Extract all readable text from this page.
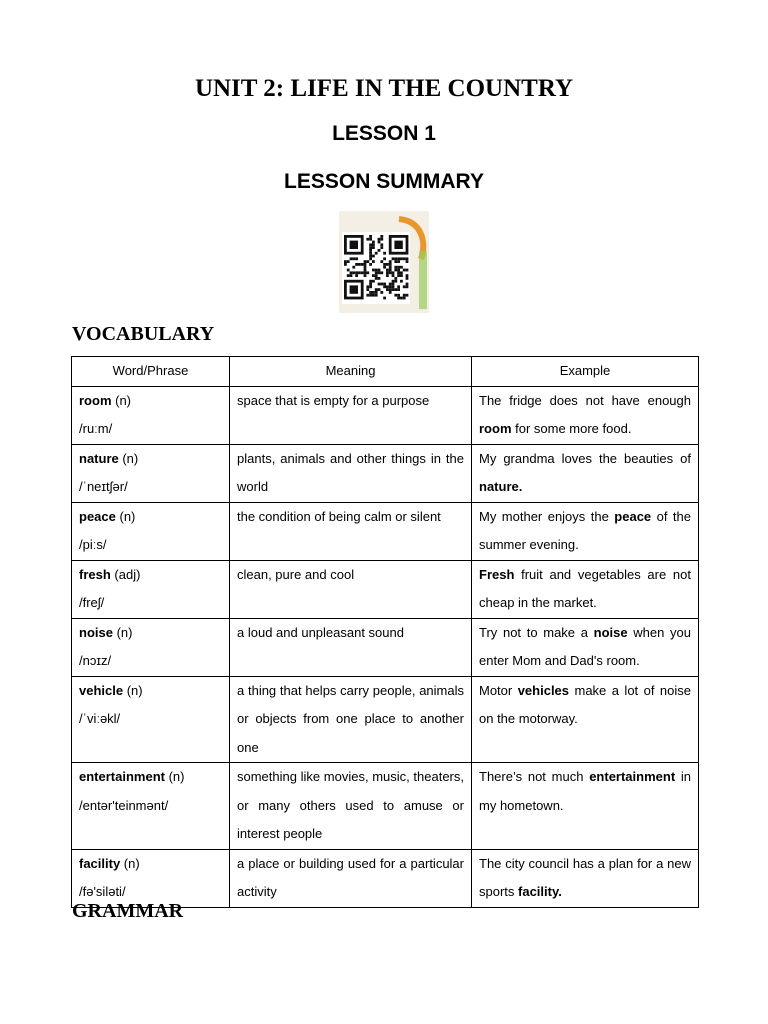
UNIT 2: LIFE IN THE COUNTRY
LESSON 1
LESSON SUMMARY
VOCABULARY
Word/Phrase	Meaning	Example
room (n)
/ruːm/	space that is empty for a purpose	The fridge does not have enough room for some more food.
nature (n)
/ˈneɪtʃər/	plants, animals and other things in the world	My grandma loves the beauties of nature.
peace (n)
/piːs/	the condition of being calm or silent	My mother enjoys the peace of the summer evening.
fresh (adj)
/freʃ/	clean, pure and cool	Fresh fruit and vegetables are not cheap in the market.
noise (n)
/nɔɪz/	a loud and unpleasant sound	Try not to make a noise when you enter Mom and Dad's room.
vehicle (n)
/ˈviːəkl/	a thing that helps carry people, animals or objects from one place to another one	Motor vehicles make a lot of noise on the motorway.
entertainment (n)
/entər'teinmənt/	something like movies, music, theaters, or many others used to amuse or interest people	There’s not much entertainment in my hometown.
facility (n)
/fə'siləti/	a place or building used for a particular activity	The city council has a plan for a new sports facility.
GRAMMAR
